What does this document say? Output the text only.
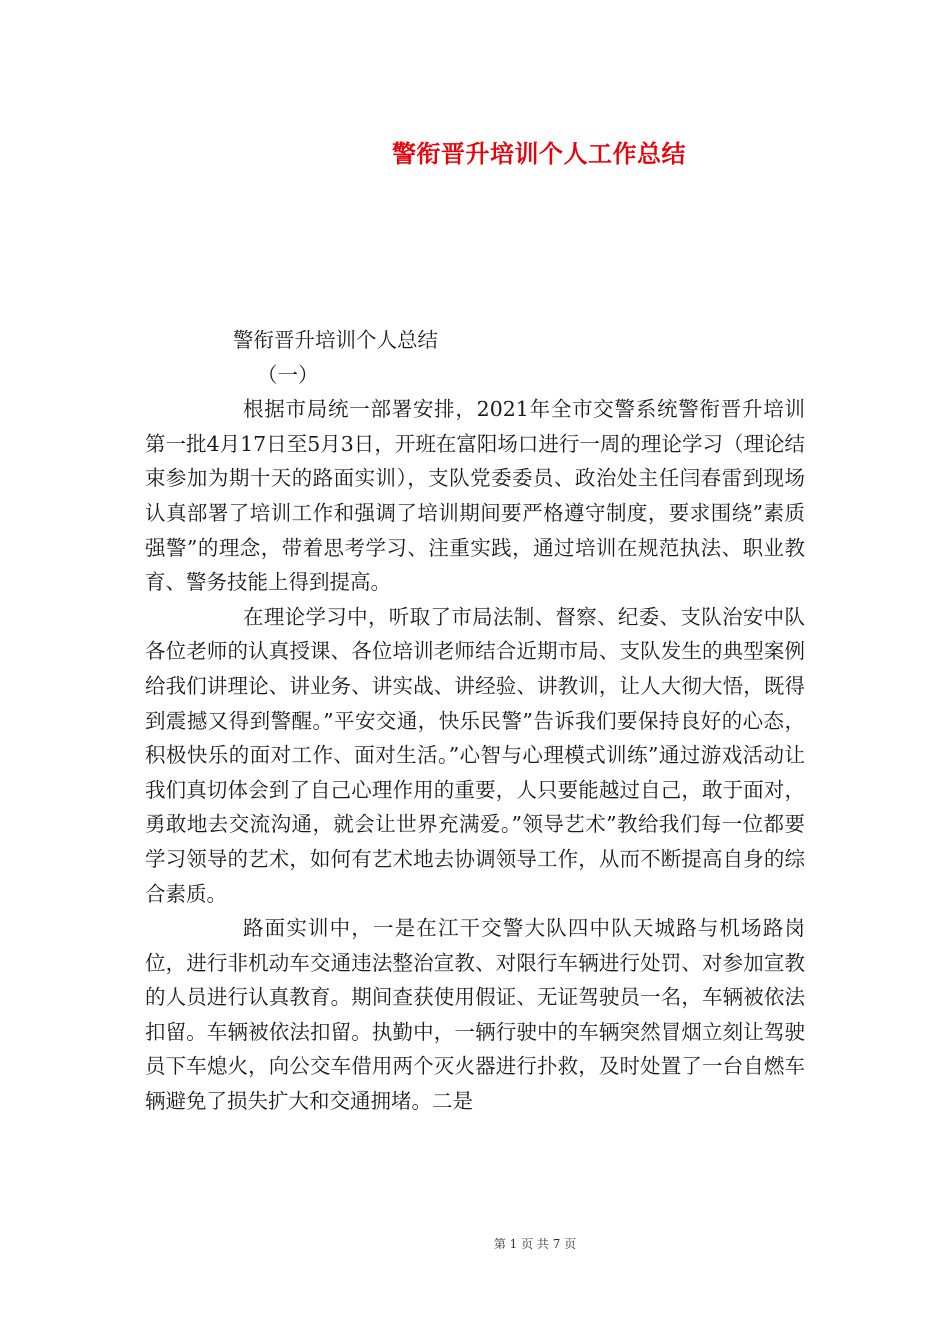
警衔晋升培训个人工作总结

警衔晋升培训个人总结

（一）

根据市局统一部署安排，2021年全市交警系统警衔晋升培训第一批4月17日至5月3日，开班在富阳场口进行一周的理论学习（理论结束参加为期十天的路面实训），支队党委委员、政治处主任闫春雷到现场认真部署了培训工作和强调了培训期间要严格遵守制度，要求围绕”素质强警”的理念，带着思考学习、注重实践，通过培训在规范执法、职业教育、警务技能上得到提高。

在理论学习中，听取了市局法制、督察、纪委、支队治安中队各位老师的认真授课、各位培训老师结合近期市局、支队发生的典型案例给我们讲理论、讲业务、讲实战、讲经验、讲教训，让人大彻大悟，既得到震撼又得到警醒。”平安交通，快乐民警”告诉我们要保持良好的心态，积极快乐的面对工作、面对生活。”心智与心理模式训练”通过游戏活动让我们真切体会到了自己心理作用的重要，人只要能越过自己，敢于面对，勇敢地去交流沟通，就会让世界充满爱。”领导艺术”教给我们每一位都要学习领导的艺术，如何有艺术地去协调领导工作，从而不断提高自身的综合素质。

路面实训中，一是在江干交警大队四中队天城路与机场路岗位，进行非机动车交通违法整治宣教、对限行车辆进行处罚、对参加宣教的人员进行认真教育。期间查获使用假证、无证驾驶员一名，车辆被依法扣留。车辆被依法扣留。执勤中，一辆行驶中的车辆突然冒烟立刻让驾驶员下车熄火，向公交车借用两个灭火器进行扑救，及时处置了一台自燃车辆避免了损失扩大和交通拥堵。二是

第 1 页 共 7 页
